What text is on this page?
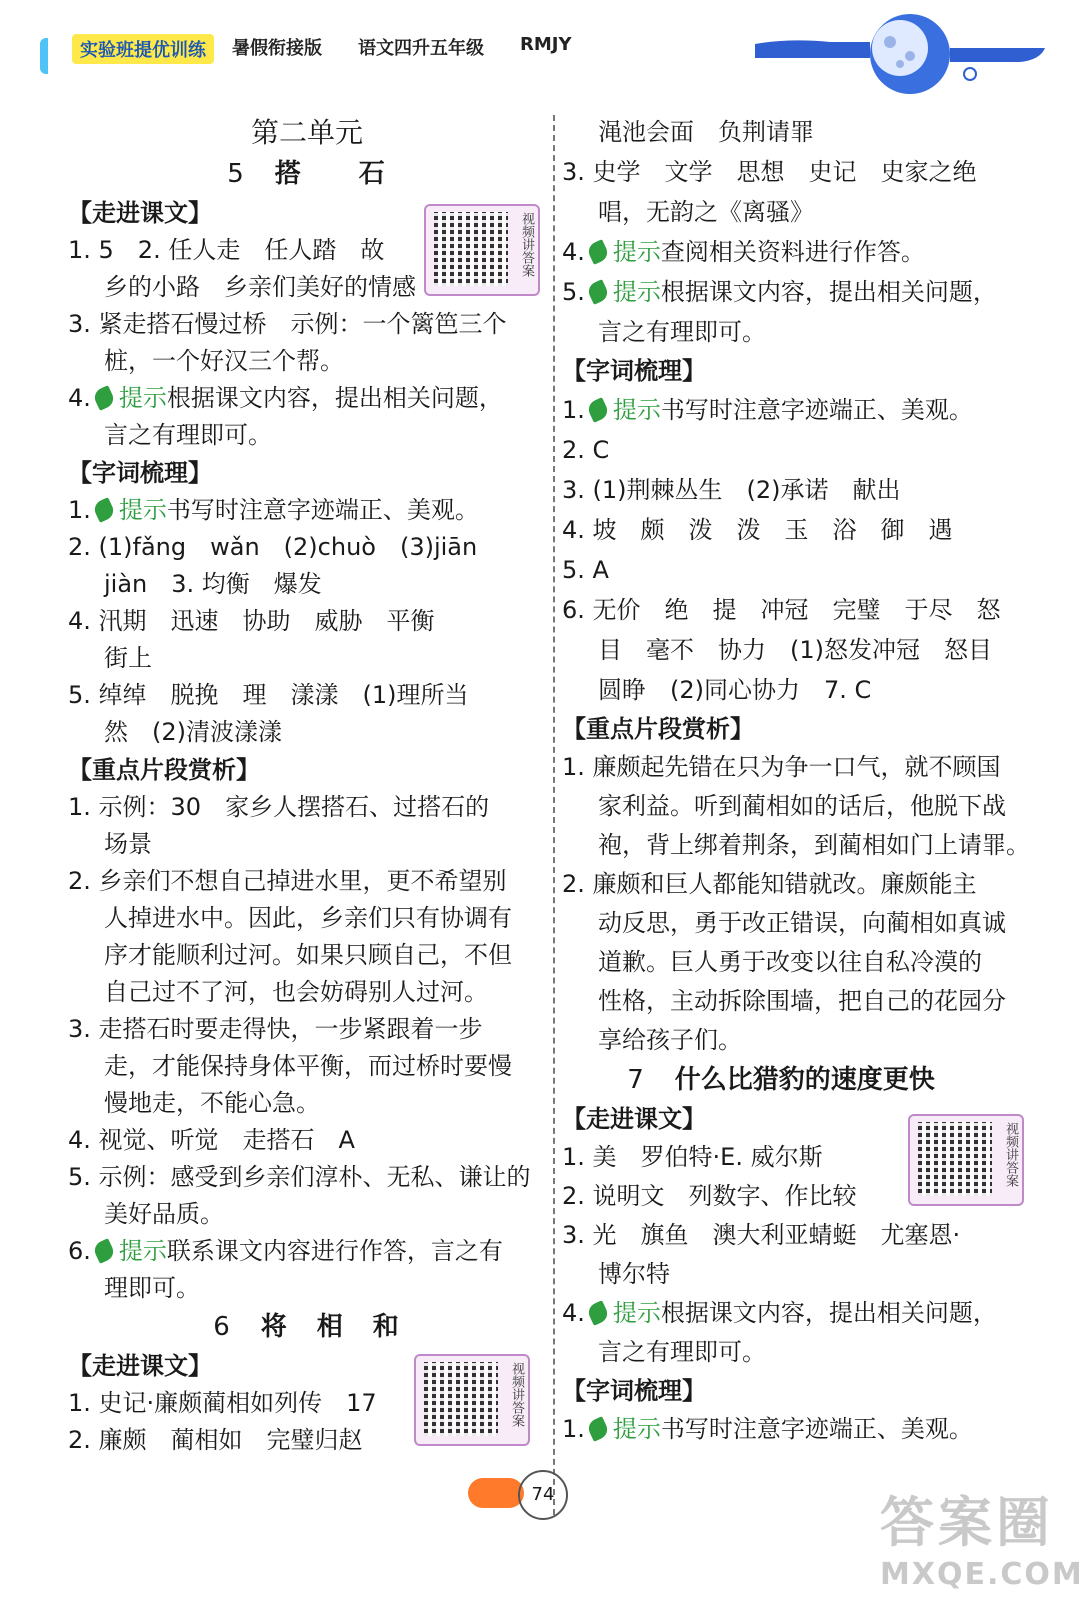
实验班提优训练	暑假衔接版 语文四升五年级 RMJY
第二单元
5 搭　　石
【走进课文】
1. 5　2. 任人走　任人踏　故
乡的小路　乡亲们美好的情感
3. 紧走搭石慢过桥　示例：一个篱笆三个
桩，一个好汉三个帮。
4. 提示根据课文内容，提出相关问题，
言之有理即可。
【字词梳理】
1. 提示书写时注意字迹端正、美观。
2. (1)fǎng　wǎn　(2)chuò　(3)jiān
jiàn　3. 均衡　爆发
4. 汛期　迅速　协助　威胁　平衡
街上
5. 绰绰　脱挽　理　漾漾　(1)理所当
然　(2)清波漾漾
【重点片段赏析】
1. 示例：30　家乡人摆搭石、过搭石的
场景
2. 乡亲们不想自己掉进水里，更不希望别
人掉进水中。因此，乡亲们只有协调有
序才能顺利过河。如果只顾自己，不但
自己过不了河，也会妨碍别人过河。
3. 走搭石时要走得快，一步紧跟着一步
走，才能保持身体平衡，而过桥时要慢
慢地走，不能心急。
4. 视觉、听觉　走搭石　A
5. 示例：感受到乡亲们淳朴、无私、谦让的
美好品质。
6. 提示联系课文内容进行作答，言之有
理即可。
6 将　相　和
【走进课文】
1. 史记·廉颇蔺相如列传　17
2. 廉颇　蔺相如　完璧归赵
视频讲答案
视频讲答案
视频讲答案
渑池会面　负荆请罪
3. 史学　文学　思想　史记　史家之绝
唱，无韵之《离骚》
4. 提示查阅相关资料进行作答。
5. 提示根据课文内容，提出相关问题，
言之有理即可。
【字词梳理】
1. 提示书写时注意字迹端正、美观。
2. C
3. (1)荆棘丛生　(2)承诺　献出
4. 坡　颇　泼　泼　玉　浴　御　遇
5. A
6. 无价　绝　提　冲冠　完璧　于尽　怒
目　毫不　协力　(1)怒发冲冠　怒目
圆睁　(2)同心协力　7. C
【重点片段赏析】
1. 廉颇起先错在只为争一口气，就不顾国
家利益。听到蔺相如的话后，他脱下战
袍，背上绑着荆条，到蔺相如门上请罪。
2. 廉颇和巨人都能知错就改。廉颇能主
动反思，勇于改正错误，向蔺相如真诚
道歉。巨人勇于改变以往自私冷漠的
性格，主动拆除围墙，把自己的花园分
享给孩子们。
7 什么比猎豹的速度更快
【走进课文】
1. 美　罗伯特·E. 威尔斯
2. 说明文　列数字、作比较
3. 光　旗鱼　澳大利亚蜻蜓　尤塞恩·
博尔特
4. 提示根据课文内容，提出相关问题，
言之有理即可。
【字词梳理】
1. 提示书写时注意字迹端正、美观。
74	答案圈
MXQE.COM
